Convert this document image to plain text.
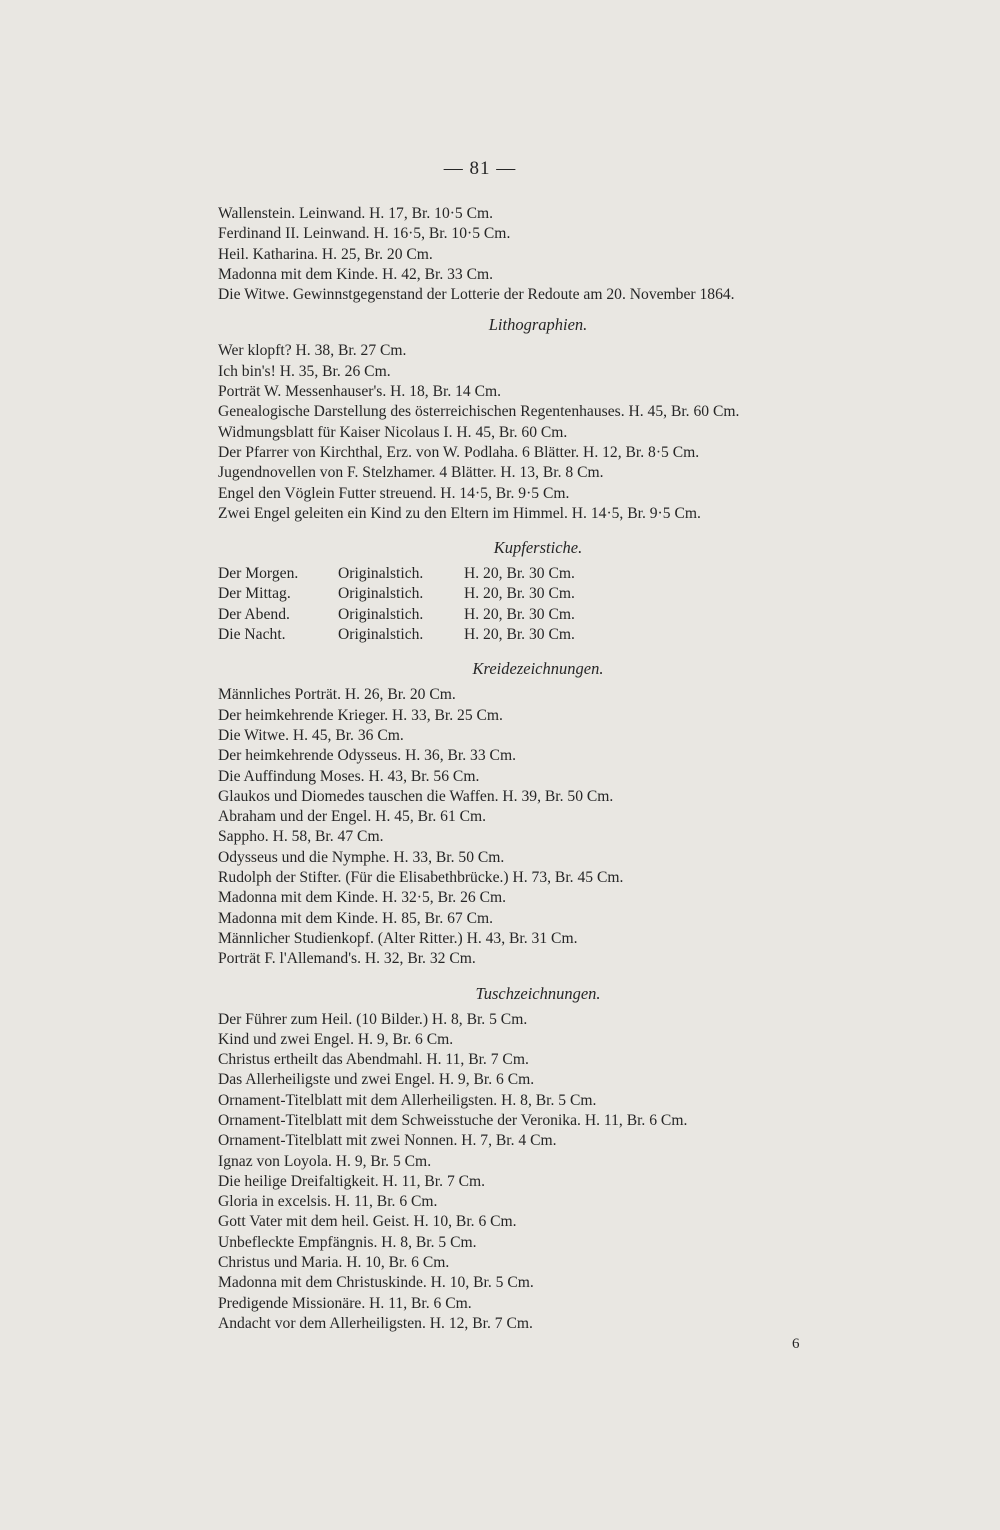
— 81 —
Wallenstein. Leinwand. H. 17, Br. 10·5 Cm.
Ferdinand II. Leinwand. H. 16·5, Br. 10·5 Cm.
Heil. Katharina. H. 25, Br. 20 Cm.
Madonna mit dem Kinde. H. 42, Br. 33 Cm.
Die Witwe. Gewinnstgegenstand der Lotterie der Redoute am 20. November 1864.
Lithographien.
Wer klopft? H. 38, Br. 27 Cm.
Ich bin's! H. 35, Br. 26 Cm.
Porträt W. Messenhauser's. H. 18, Br. 14 Cm.
Genealogische Darstellung des österreichischen Regentenhauses. H. 45, Br. 60 Cm.
Widmungsblatt für Kaiser Nicolaus I. H. 45, Br. 60 Cm.
Der Pfarrer von Kirchthal, Erz. von W. Podlaha. 6 Blätter. H. 12, Br. 8·5 Cm.
Jugendnovellen von F. Stelzhamer. 4 Blätter. H. 13, Br. 8 Cm.
Engel den Vöglein Futter streuend. H. 14·5, Br. 9·5 Cm.
Zwei Engel geleiten ein Kind zu den Eltern im Himmel. H. 14·5, Br. 9·5 Cm.
Kupferstiche.
Der Morgen.	Originalstich.	H. 20, Br. 30 Cm.
Der Mittag.	Originalstich.	H. 20, Br. 30 Cm.
Der Abend.	Originalstich.	H. 20, Br. 30 Cm.
Die Nacht.	Originalstich.	H. 20, Br. 30 Cm.
Kreidezeichnungen.
Männliches Porträt. H. 26, Br. 20 Cm.
Der heimkehrende Krieger. H. 33, Br. 25 Cm.
Die Witwe. H. 45, Br. 36 Cm.
Der heimkehrende Odysseus. H. 36, Br. 33 Cm.
Die Auffindung Moses. H. 43, Br. 56 Cm.
Glaukos und Diomedes tauschen die Waffen. H. 39, Br. 50 Cm.
Abraham und der Engel. H. 45, Br. 61 Cm.
Sappho. H. 58, Br. 47 Cm.
Odysseus und die Nymphe. H. 33, Br. 50 Cm.
Rudolph der Stifter. (Für die Elisabethbrücke.) H. 73, Br. 45 Cm.
Madonna mit dem Kinde. H. 32·5, Br. 26 Cm.
Madonna mit dem Kinde. H. 85, Br. 67 Cm.
Männlicher Studienkopf. (Alter Ritter.) H. 43, Br. 31 Cm.
Porträt F. l'Allemand's. H. 32, Br. 32 Cm.
Tuschzeichnungen.
Der Führer zum Heil. (10 Bilder.) H. 8, Br. 5 Cm.
Kind und zwei Engel. H. 9, Br. 6 Cm.
Christus ertheilt das Abendmahl. H. 11, Br. 7 Cm.
Das Allerheiligste und zwei Engel. H. 9, Br. 6 Cm.
Ornament-Titelblatt mit dem Allerheiligsten. H. 8, Br. 5 Cm.
Ornament-Titelblatt mit dem Schweisstuche der Veronika. H. 11, Br. 6 Cm.
Ornament-Titelblatt mit zwei Nonnen. H. 7, Br. 4 Cm.
Ignaz von Loyola. H. 9, Br. 5 Cm.
Die heilige Dreifaltigkeit. H. 11, Br. 7 Cm.
Gloria in excelsis. H. 11, Br. 6 Cm.
Gott Vater mit dem heil. Geist. H. 10, Br. 6 Cm.
Unbefleckte Empfängnis. H. 8, Br. 5 Cm.
Christus und Maria. H. 10, Br. 6 Cm.
Madonna mit dem Christuskinde. H. 10, Br. 5 Cm.
Predigende Missionäre. H. 11, Br. 6 Cm.
Andacht vor dem Allerheiligsten. H. 12, Br. 7 Cm.
6
